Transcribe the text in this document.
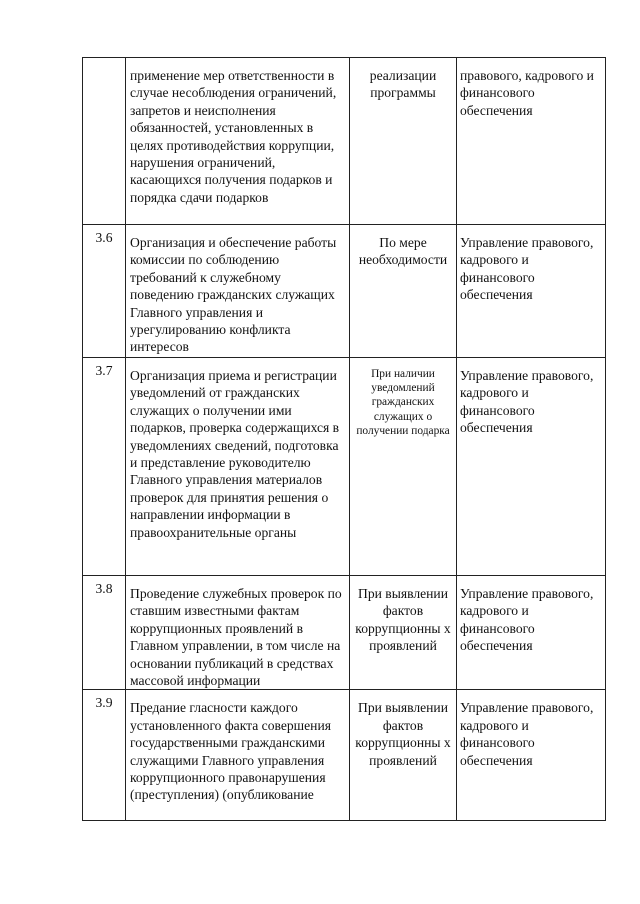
	применение мер ответственности в случае несоблюдения ограничений, запретов и неисполнения обязанностей, установленных в целях противодействия коррупции, нарушения ограничений, касающихся получения подарков и порядка сдачи подарков	реализации программы	правового, кадрового и финансового обеспечения
3.6	Организация и обеспечение работы комиссии по соблюдению требований к служебному поведению гражданских служащих Главного управления и урегулированию конфликта интересов	По мере необходимости	Управление правового, кадрового и финансового обеспечения
3.7	Организация приема и регистрации уведомлений от гражданских служащих о получении ими подарков, проверка содержащихся в уведомлениях сведений, подготовка и представление руководителю Главного управления материалов проверок для принятия решения о направлении информации в правоохранительные органы	При наличии уведомлений гражданских служащих о получении подарка	Управление правового, кадрового и финансового обеспечения
3.8	Проведение служебных проверок по ставшим известными фактам коррупционных проявлений в Главном управлении, в том числе на основании публикаций в средствах массовой информации	При выявлении фактов коррупционны х проявлений	Управление правового, кадрового и финансового обеспечения
3.9	Предание гласности каждого установленного факта совершения государственными гражданскими служащими Главного управления коррупционного правонарушения (преступления) (опубликование	При выявлении фактов коррупционны х проявлений	Управление правового, кадрового и финансового обеспечения
